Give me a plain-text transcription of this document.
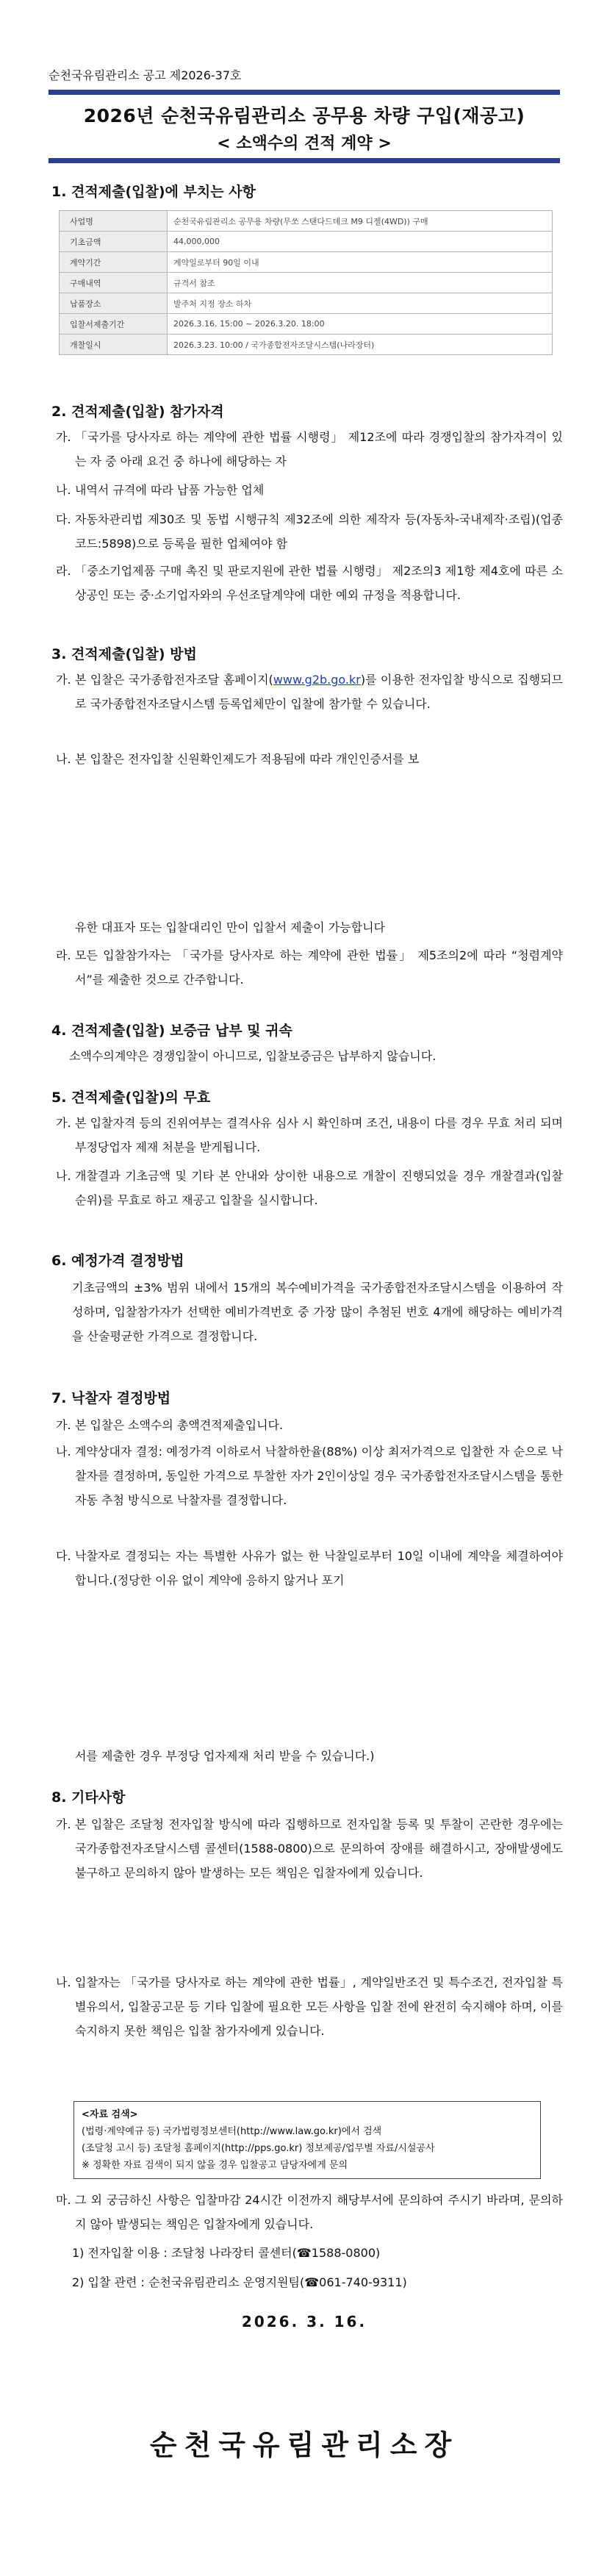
순천국유림관리소 공고 제2026-37호
2026년 순천국유림관리소 공무용 차량 구입(재공고)
< 소액수의 견적 계약 >
1. 견적제출(입찰)에 부치는 사항
사업명	순천국유림관리소 공무용 차량(무쏘 스탠다드데크 M9 디젤(4WD)) 구매
기초금액	44,000,000
계약기간	계약일로부터 90일 이내
구매내역	규격서 참조
납품장소	발주처 지정 장소 하차
입찰서제출기간	2026.3.16. 15:00 ~ 2026.3.20. 18:00
개찰일시	2026.3.23. 10:00 / 국가종합전자조달시스템(나라장터)
2. 견적제출(입찰) 참가자격
가. 「국가를 당사자로 하는 계약에 관한 법률 시행령」 제12조에 따라 경쟁입찰의 참가자격이 있는 자 중 아래 요건 중 하나에 해당하는 자
나. 내역서 규격에 따라 납품 가능한 업체
다. 자동차관리법 제30조 및 동법 시행규칙 제32조에 의한 제작자 등(자동차-국내제작·조립)(업종코드:5898)으로 등록을 필한 업체여야 함
라. 「중소기업제품 구매 촉진 및 판로지원에 관한 법률 시행령」 제2조의3 제1항 제4호에 따른 소상공인 또는 중·소기업자와의 우선조달계약에 대한 예외 규정을 적용합니다.
3. 견적제출(입찰) 방법
가. 본 입찰은 국가종합전자조달 홈페이지(www.g2b.go.kr)를 이용한 전자입찰 방식으로 집행되므로 국가종합전자조달시스템 등록업체만이 입찰에 참가할 수 있습니다.
나. 본 입찰은 전자입찰 신원확인제도가 적용됨에 따라 개인인증서를 보
유한 대표자 또는 입찰대리인 만이 입찰서 제출이 가능합니다
라. 모든 입찰참가자는 「국가를 당사자로 하는 계약에 관한 법률」 제5조의2에 따라 “청렴계약서”를 제출한 것으로 간주합니다.
4. 견적제출(입찰) 보증금 납부 및 귀속
소액수의계약은 경쟁입찰이 아니므로, 입찰보증금은 납부하지 않습니다.
5. 견적제출(입찰)의 무효
가. 본 입찰자격 등의 진위여부는 결격사유 심사 시 확인하며 조건, 내용이 다를 경우 무효 처리 되며 부정당업자 제재 처분을 받게됩니다.
나. 개찰결과 기초금액 및 기타 본 안내와 상이한 내용으로 개찰이 진행되었을 경우 개찰결과(입찰순위)를 무효로 하고 재공고 입찰을 실시합니다.
6. 예정가격 결정방법
기초금액의 ±3% 범위 내에서 15개의 복수예비가격을 국가종합전자조달시스템을 이용하여 작성하며, 입찰참가자가 선택한 예비가격번호 중 가장 많이 추첨된 번호 4개에 해당하는 예비가격을 산술평균한 가격으로 결정합니다.
7. 낙찰자 결정방법
가. 본 입찰은 소액수의 총액견적제출입니다.
나. 계약상대자 결정: 예정가격 이하로서 낙찰하한율(88%) 이상 최저가격으로 입찰한 자 순으로 낙찰자를 결정하며, 동일한 가격으로 투찰한 자가 2인이상일 경우 국가종합전자조달시스템을 통한 자동 추첨 방식으로 낙찰자를 결정합니다.
다. 낙찰자로 결정되는 자는 특별한 사유가 없는 한 낙찰일로부터 10일 이내에 계약을 체결하여야 합니다.(정당한 이유 없이 계약에 응하지 않거나 포기
서를 제출한 경우 부정당 업자제재 처리 받을 수 있습니다.)
8. 기타사항
가. 본 입찰은 조달청 전자입찰 방식에 따라 집행하므로 전자입찰 등록 및 투찰이 곤란한 경우에는 국가종합전자조달시스템 콜센터(1588-0800)으로 문의하여 장애를 해결하시고, 장애발생에도 불구하고 문의하지 않아 발생하는 모든 책임은 입찰자에게 있습니다.
나. 입찰자는 「국가를 당사자로 하는 계약에 관한 법률」, 계약일반조건 및 특수조건, 전자입찰 특별유의서, 입찰공고문 등 기타 입찰에 필요한 모든 사항을 입찰 전에 완전히 숙지해야 하며, 이를 숙지하지 못한 책임은 입찰 참가자에게 있습니다.
<자료 검색>
(법령·계약예규 등) 국가법령정보센터(http://www.law.go.kr)에서 검색
(조달청 고시 등) 조달청 홈페이지(http://pps.go.kr) 정보제공/업무별 자료/시설공사
※ 정확한 자료 검색이 되지 않을 경우 입찰공고 담당자에게 문의
마. 그 외 궁금하신 사항은 입찰마감 24시간 이전까지 해당부서에 문의하여 주시기 바라며, 문의하지 않아 발생되는 책임은 입찰자에게 있습니다.
1) 전자입찰 이용 : 조달청 나라장터 콜센터(☎1588-0800)
2) 입찰 관련 : 순천국유림관리소 운영지원팀(☎061-740-9311)
2026. 3. 16.
순천국유림관리소장
